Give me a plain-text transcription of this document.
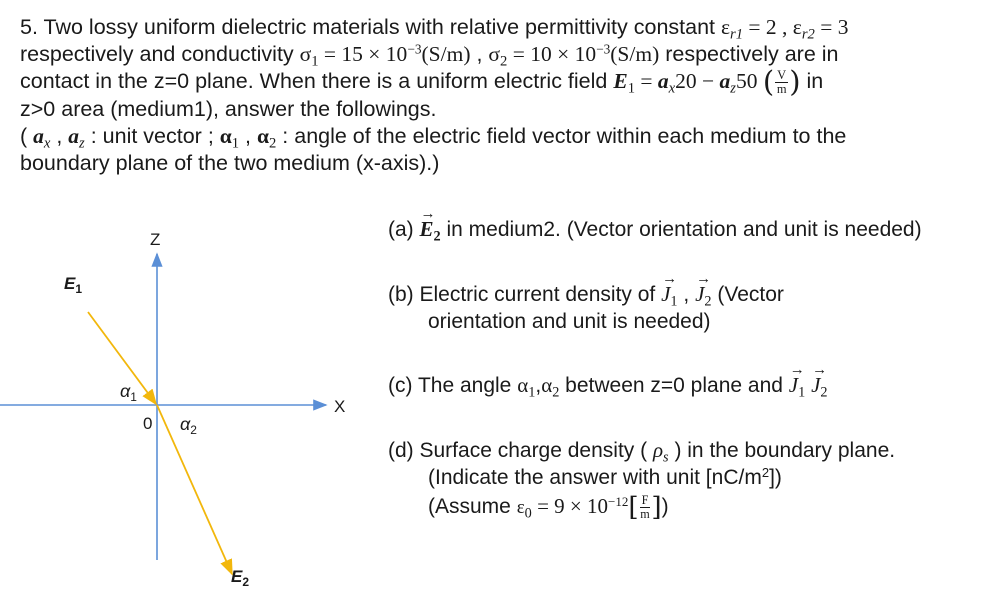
5. Two lossy uniform dielectric materials with relative permittivity constant $\varepsilon_{r1} = 2$ , $\varepsilon_{r2} = 3$
respectively and conductivity $\sigma_1 = 15 \times 10^{-3}(S/m)$ , $\sigma_2 = 10 \times 10^{-3}(S/m)$ respectively are in
contact in the z=0 plane. When there is a uniform electric field $E_1 = a_x20 - a_z50$ ( $\frac{V}{m}$ ) in
z>0 area (medium1), answer the followings.
( $a_x$ , $a_z$ : unit vector ; $\alpha_1$ , $\alpha_2$ : angle of the electric field vector within each medium to the
boundary plane of the two medium (x-axis).)
Z
X
0
$E_1$
$E_2$
$\alpha_1$
$\alpha_2$
$(a) \to E_2$ in medium2. (Vector orientation and unit is needed)
(b) Electric current density of → $J_1$ , → $J_2$ (Vector
orientation and unit is needed)
(c) The angle $\alpha_1,\alpha_2$ between z=0 plane and → $J_1 \to J_2$
(d) Surface charge density ( $\rho_s$ ) in the boundary plane.
(Indicate the answer with unit $[nC/m^2]$)
(Assume $\varepsilon_0 = 9 \times 10^{-12}[ \frac{F}{m}$ ])
